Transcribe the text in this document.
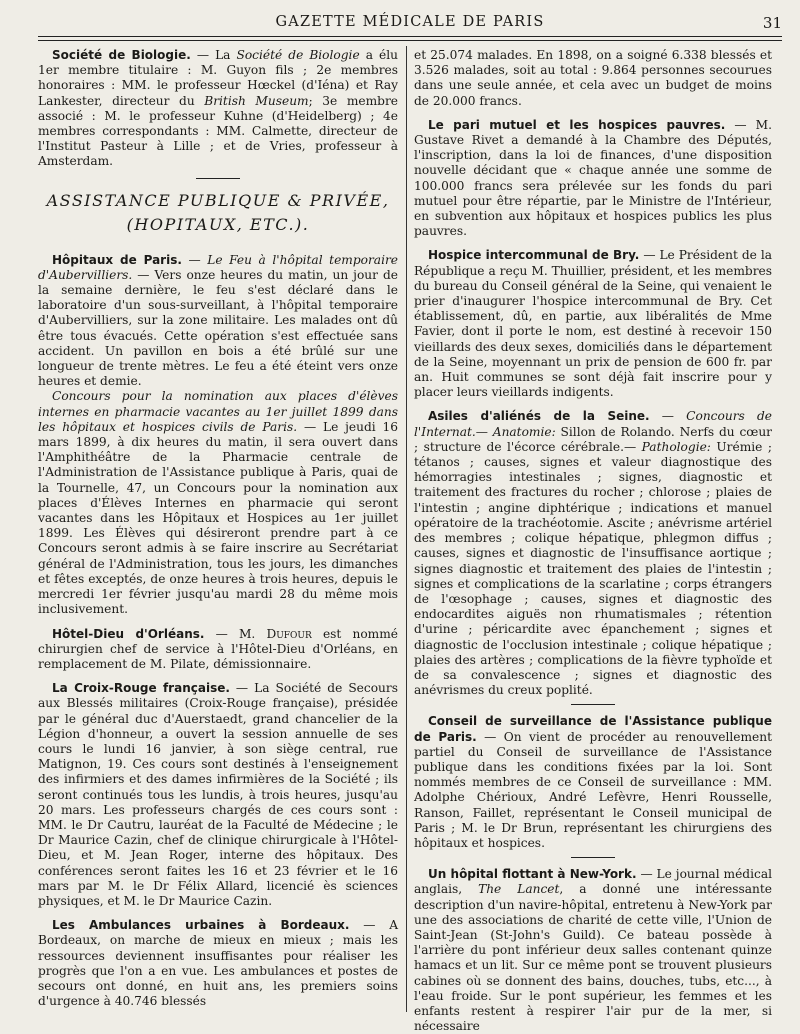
GAZETTE MÉDICALE DE PARIS	31

Société de Biologie. — La Société de Biologie a élu 1er membre titulaire : M. Guyon fils ; 2e membres honoraires : MM. le professeur Hœckel (d'Iéna) et Ray Lankester, directeur du British Museum; 3e membre associé : M. le professeur Kuhne (d'Heidelberg) ; 4e membres correspondants : MM. Calmette, directeur de l'Institut Pasteur à Lille ; et de Vries, professeur à Amsterdam.

ASSISTANCE PUBLIQUE & PRIVÉE,
(HOPITAUX, ETC.).

Hôpitaux de Paris. — Le Feu à l'hôpital temporaire d'Aubervilliers. — Vers onze heures du matin, un jour de la semaine dernière, le feu s'est déclaré dans le laboratoire d'un sous-surveillant, à l'hôpital temporaire d'Aubervilliers, sur la zone militaire. Les malades ont dû être tous évacués. Cette opération s'est effectuée sans accident. Un pavillon en bois a été brûlé sur une longueur de trente mètres. Le feu a été éteint vers onze heures et demie.

Concours pour la nomination aux places d'élèves internes en pharmacie vacantes au 1er juillet 1899 dans les hôpitaux et hospices civils de Paris. — Le jeudi 16 mars 1899, à dix heures du matin, il sera ouvert dans l'Amphithéâtre de la Pharmacie centrale de l'Administration de l'Assistance publique à Paris, quai de la Tournelle, 47, un Concours pour la nomination aux places d'Élèves Internes en pharmacie qui seront vacantes dans les Hôpitaux et Hospices au 1er juillet 1899. Les Élèves qui désireront prendre part à ce Concours seront admis à se faire inscrire au Secrétariat général de l'Administration, tous les jours, les dimanches et fêtes exceptés, de onze heures à trois heures, depuis le mercredi 1er février jusqu'au mardi 28 du même mois inclusivement.

Hôtel-Dieu d'Orléans. — M. Dufour est nommé chirurgien chef de service à l'Hôtel-Dieu d'Orléans, en remplacement de M. Pilate, démissionnaire.

La Croix-Rouge française. — La Société de Secours aux Blessés militaires (Croix-Rouge française), présidée par le général duc d'Auerstaedt, grand chancelier de la Légion d'honneur, a ouvert la session annuelle de ses cours le lundi 16 janvier, à son siège central, rue Matignon, 19. Ces cours sont destinés à l'enseignement des infirmiers et des dames infirmières de la Société ; ils seront continués tous les lundis, à trois heures, jusqu'au 20 mars. Les professeurs chargés de ces cours sont : MM. le Dr Cautru, lauréat de la Faculté de Médecine ; le Dr Maurice Cazin, chef de clinique chirurgicale à l'Hôtel-Dieu, et M. Jean Roger, interne des hôpitaux. Des conférences seront faites les 16 et 23 février et le 16 mars par M. le Dr Félix Allard, licencié ès sciences physiques, et M. le Dr Maurice Cazin.

Les Ambulances urbaines à Bordeaux. — A Bordeaux, on marche de mieux en mieux ; mais les ressources deviennent insuffisantes pour réaliser les progrès que l'on a en vue. Les ambulances et postes de secours ont donné, en huit ans, les premiers soins d'urgence à 40.746 blessés

et 25.074 malades. En 1898, on a soigné 6.338 blessés et 3.526 malades, soit au total : 9.864 personnes secourues dans une seule année, et cela avec un budget de moins de 20.000 francs.

Le pari mutuel et les hospices pauvres. — M. Gustave Rivet a demandé à la Chambre des Députés, l'inscription, dans la loi de finances, d'une disposition nouvelle décidant que « chaque année une somme de 100.000 francs sera prélevée sur les fonds du pari mutuel pour être répartie, par le Ministre de l'Intérieur, en subvention aux hôpitaux et hospices publics les plus pauvres.

Hospice intercommunal de Bry. — Le Président de la République a reçu M. Thuillier, président, et les membres du bureau du Conseil général de la Seine, qui venaient le prier d'inaugurer l'hospice intercommunal de Bry. Cet établissement, dû, en partie, aux libéralités de Mme Favier, dont il porte le nom, est destiné à recevoir 150 vieillards des deux sexes, domiciliés dans le département de la Seine, moyennant un prix de pension de 600 fr. par an. Huit communes se sont déjà fait inscrire pour y placer leurs vieillards indigents.

Asiles d'aliénés de la Seine. — Concours de l'Internat.— Anatomie: Sillon de Rolando. Nerfs du cœur ; structure de l'écorce cérébrale.— Pathologie: Urémie ; tétanos ; causes, signes et valeur diagnostique des hémorragies intestinales ; signes, diagnostic et traitement des fractures du rocher ; chlorose ; plaies de l'intestin ; angine diphtérique ; indications et manuel opératoire de la trachéotomie. Ascite ; anévrisme artériel des membres ; colique hépatique, phlegmon diffus ; causes, signes et diagnostic de l'insuffisance aortique ; signes diagnostic et traitement des plaies de l'intestin ; signes et complications de la scarlatine ; corps étrangers de l'œsophage ; causes, signes et diagnostic des endocardites aiguës non rhumatismales ; rétention d'urine ; péricardite avec épanchement ; signes et diagnostic de l'occlusion intestinale ; colique hépatique ; plaies des artères ; complications de la fièvre typhoïde et de sa convalescence ; signes et diagnostic des anévrismes du creux poplité.

Conseil de surveillance de l'Assistance publique de Paris. — On vient de procéder au renouvellement partiel du Conseil de surveillance de l'Assistance publique dans les conditions fixées par la loi. Sont nommés membres de ce Conseil de surveillance : MM. Adolphe Chérioux, André Lefèvre, Henri Rousselle, Ranson, Faillet, représentant le Conseil municipal de Paris ; M. le Dr Brun, représentant les chirurgiens des hôpitaux et hospices.

Un hôpital flottant à New-York. — Le journal médical anglais, The Lancet, a donné une intéressante description d'un navire-hôpital, entretenu à New-York par une des associations de charité de cette ville, l'Union de Saint-Jean (St-John's Guild). Ce bateau possède à l'arrière du pont inférieur deux salles contenant quinze hamacs et un lit. Sur ce même pont se trouvent plusieurs cabines où se donnent des bains, douches, tubs, etc..., à l'eau froide. Sur le pont supérieur, les femmes et les enfants restent à respirer l'air pur de la mer, si nécessaire
